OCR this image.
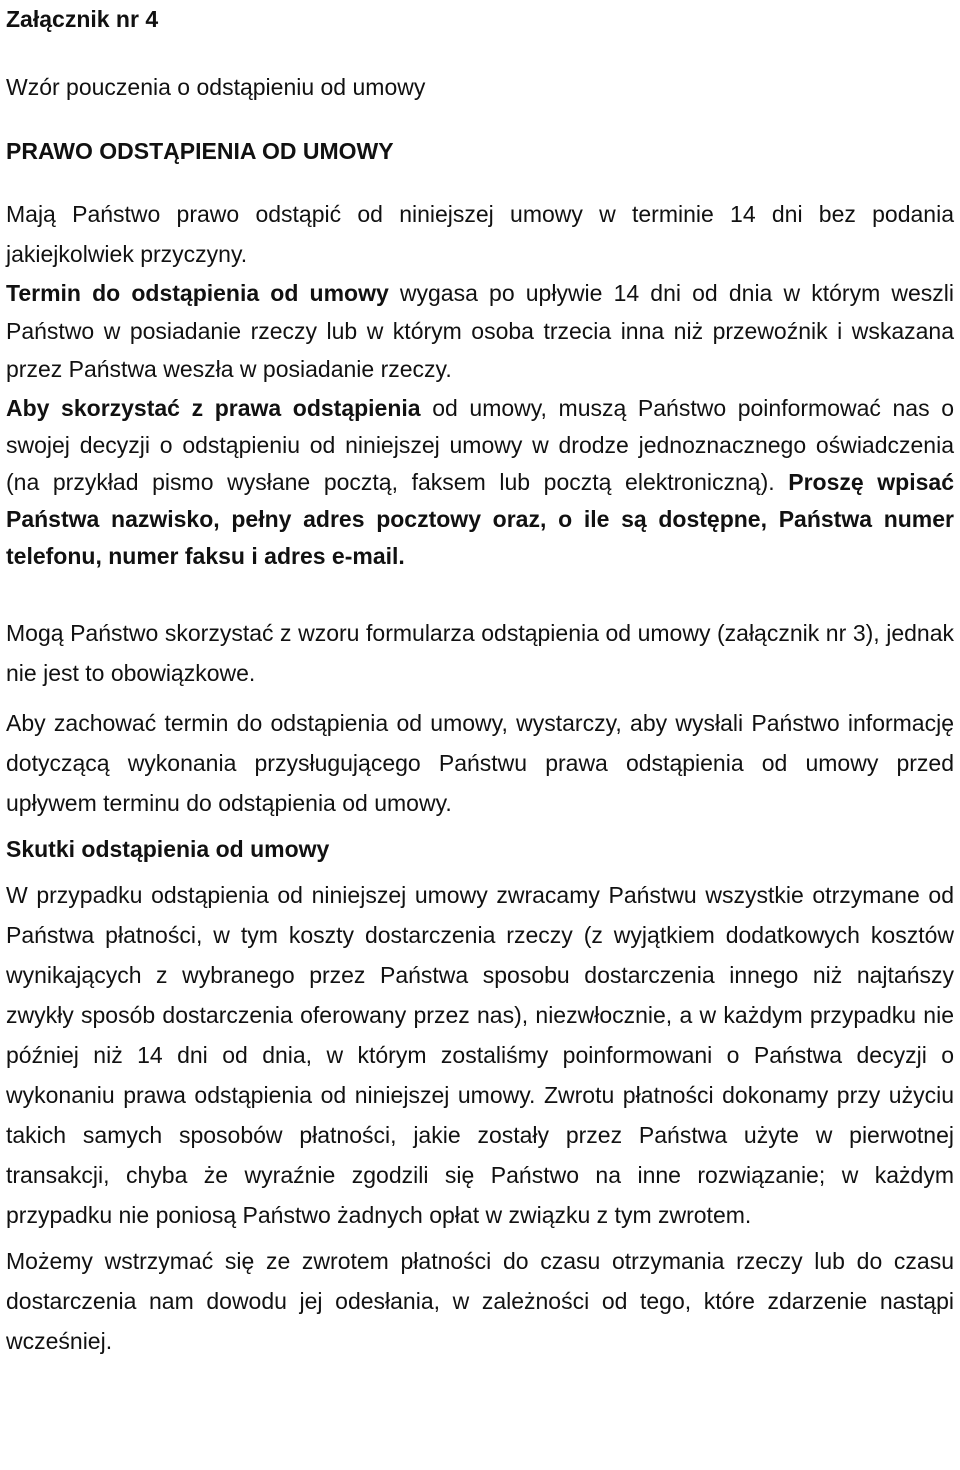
Załącznik nr 4
Wzór pouczenia o odstąpieniu od umowy
PRAWO ODSTĄPIENIA OD UMOWY

Mają Państwo prawo odstąpić od niniejszej umowy w terminie 14 dni bez podania jakiejkolwiek przyczyny.

Termin do odstąpienia od umowy wygasa po upływie 14 dni od dnia w którym weszli Państwo w posiadanie rzeczy lub w którym osoba trzecia inna niż przewoźnik i wskazana przez Państwa weszła w posiadanie rzeczy.

Aby skorzystać z prawa odstąpienia od umowy, muszą Państwo poinformować nas o swojej decyzji o odstąpieniu od niniejszej umowy w drodze jednoznacznego oświadczenia (na przykład pismo wysłane pocztą, faksem lub pocztą elektroniczną). Proszę wpisać Państwa nazwisko, pełny adres pocztowy oraz, o ile są dostępne, Państwa numer telefonu, numer faksu i adres e-mail.

Mogą Państwo skorzystać z wzoru formularza odstąpienia od umowy (załącznik nr 3), jednak nie jest to obowiązkowe.

Aby zachować termin do odstąpienia od umowy, wystarczy, aby wysłali Państwo informację dotyczącą wykonania przysługującego Państwu prawa odstąpienia od umowy przed upływem terminu do odstąpienia od umowy.

Skutki odstąpienia od umowy

W przypadku odstąpienia od niniejszej umowy zwracamy Państwu wszystkie otrzymane od Państwa płatności, w tym koszty dostarczenia rzeczy (z wyjątkiem dodatkowych kosztów wynikających z wybranego przez Państwa sposobu dostarczenia innego niż najtańszy zwykły sposób dostarczenia oferowany przez nas), niezwłocznie, a w każdym przypadku nie później niż 14 dni od dnia, w którym zostaliśmy poinformowani o Państwa decyzji o wykonaniu prawa odstąpienia od niniejszej umowy. Zwrotu płatności dokonamy przy użyciu takich samych sposobów płatności, jakie zostały przez Państwa użyte w pierwotnej transakcji, chyba że wyraźnie zgodzili się Państwo na inne rozwiązanie; w każdym przypadku nie poniosą Państwo żadnych opłat w związku z tym zwrotem.

Możemy wstrzymać się ze zwrotem płatności do czasu otrzymania rzeczy lub do czasu dostarczenia nam dowodu jej odesłania, w zależności od tego, które zdarzenie nastąpi wcześniej.
